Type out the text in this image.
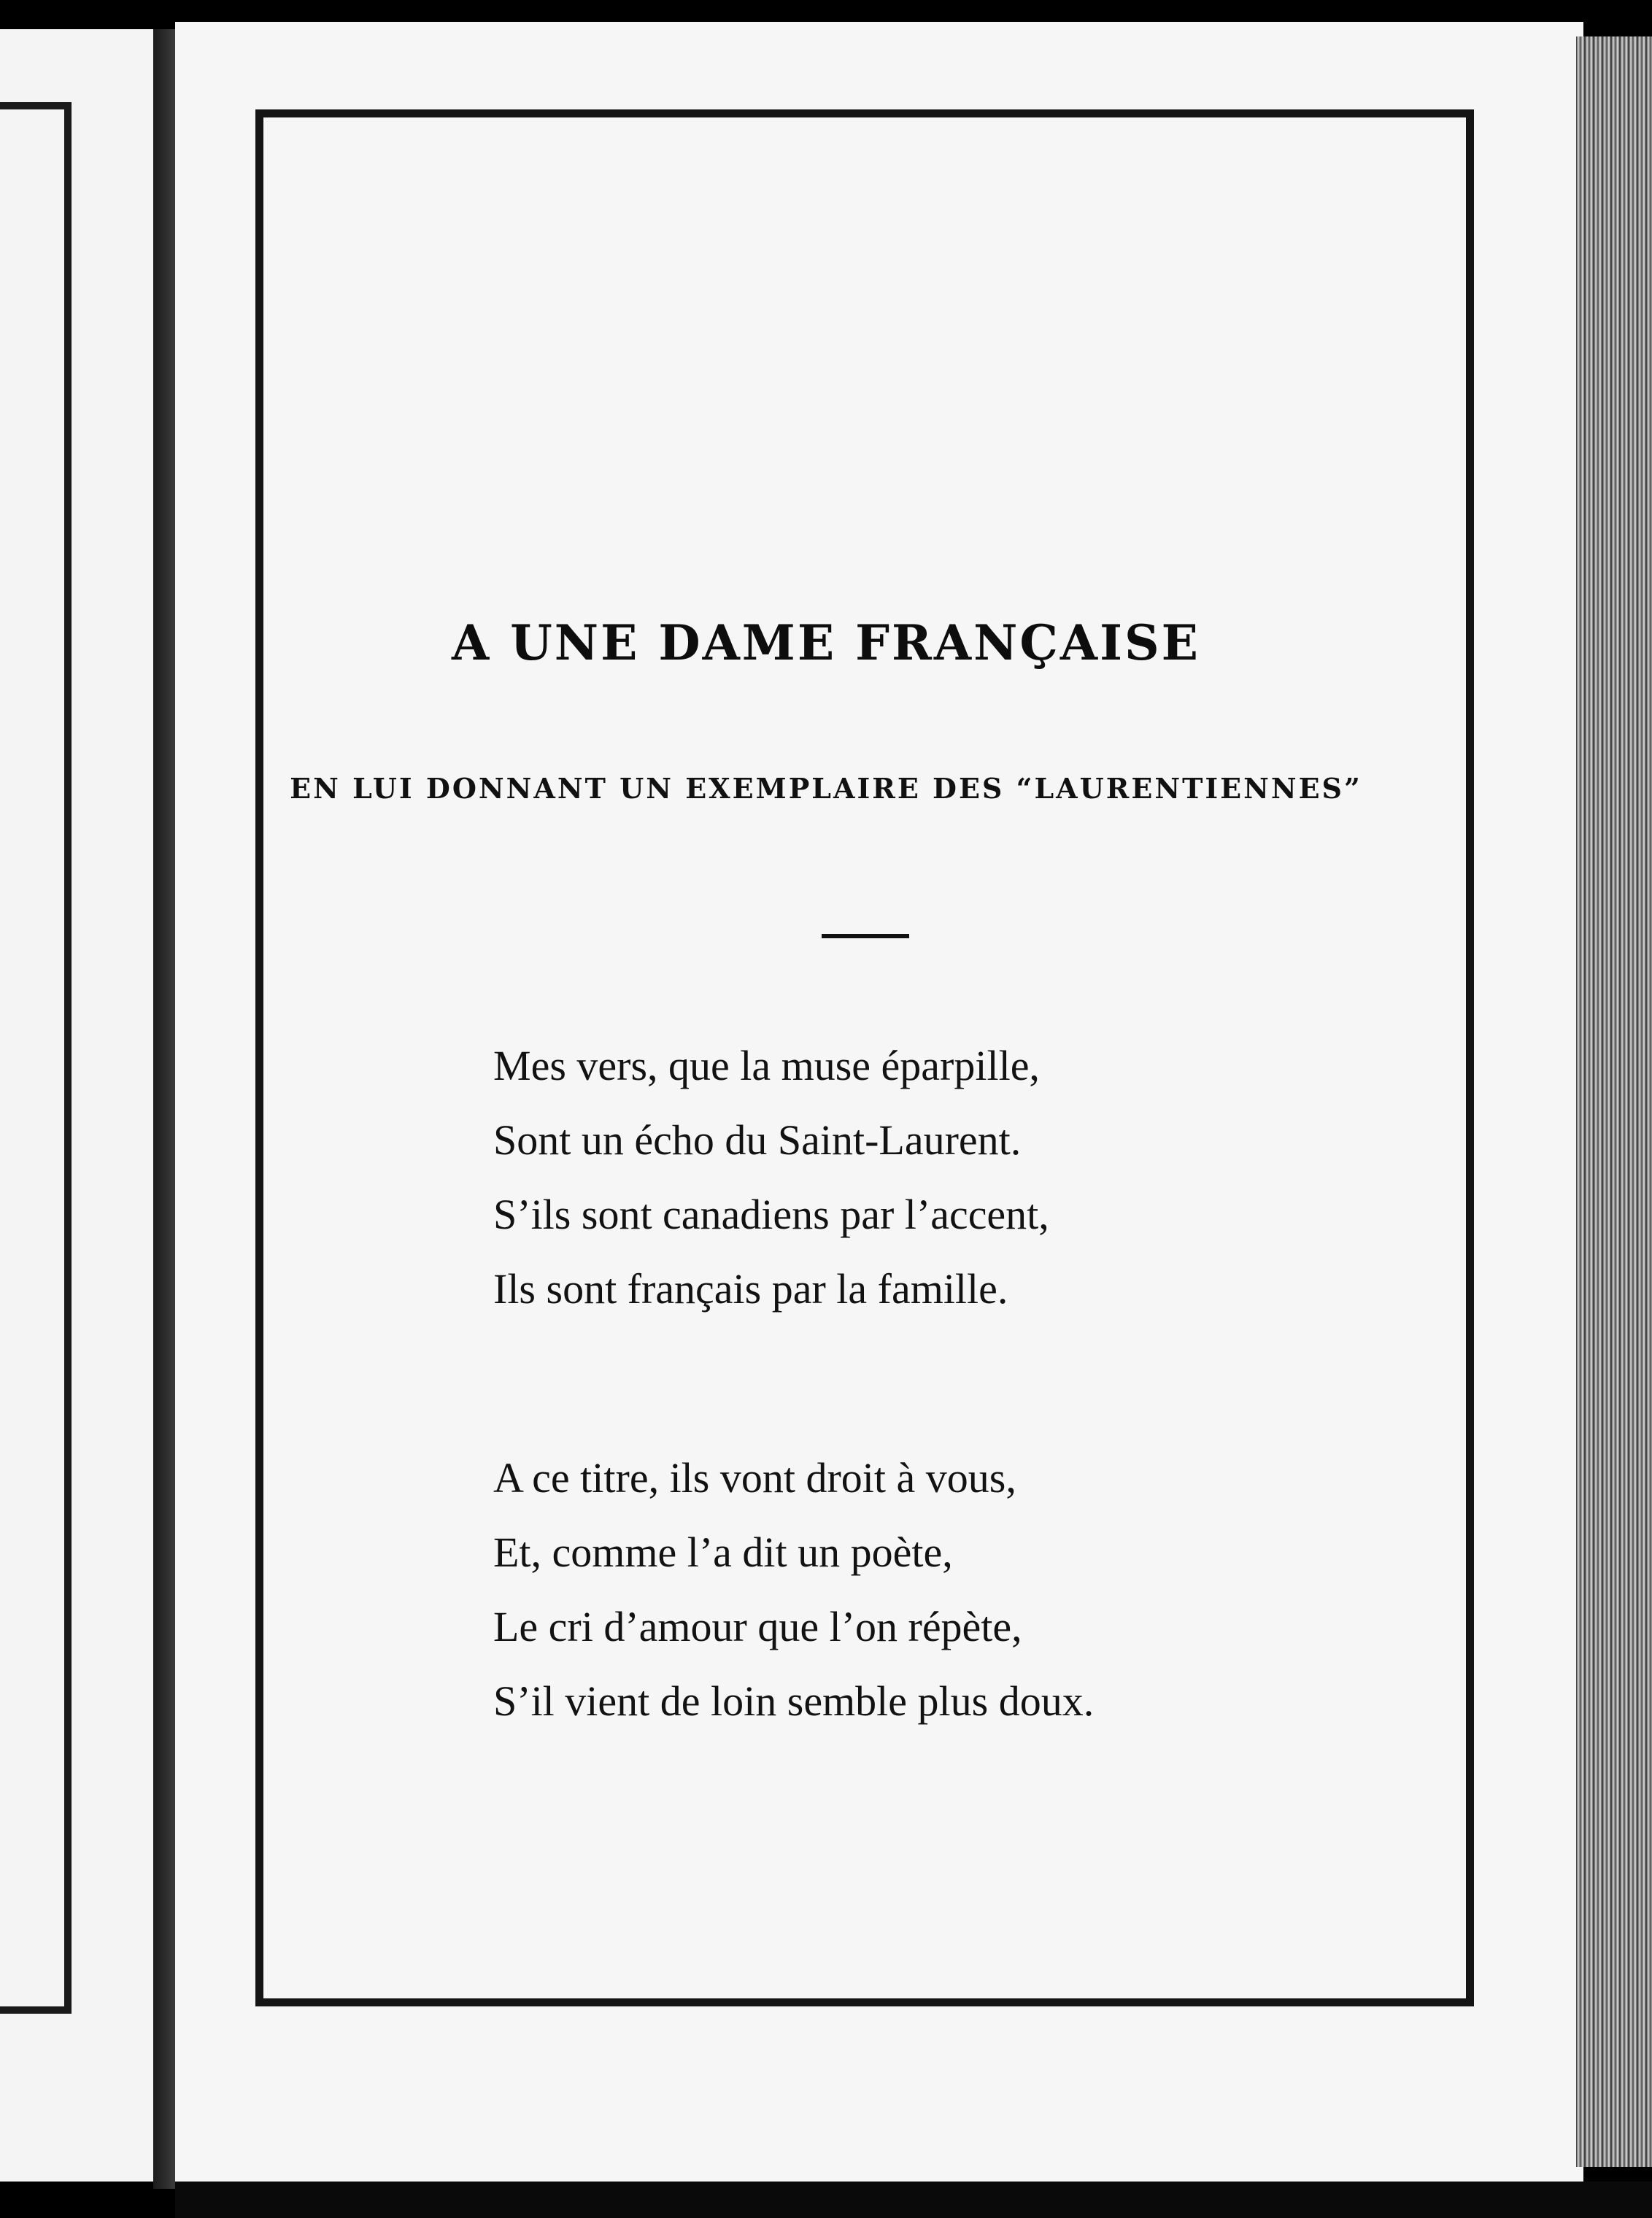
A UNE DAME FRANÇAISE
EN LUI DONNANT UN EXEMPLAIRE DES “LAURENTIENNES”
Mes vers, que la muse éparpille,
Sont un écho du Saint-Laurent.
S’ils sont canadiens par l’accent,
Ils sont français par la famille.
A ce titre, ils vont droit à vous,
Et, comme l’a dit un poète,
Le cri d’amour que l’on répète,
S’il vient de loin semble plus doux.
